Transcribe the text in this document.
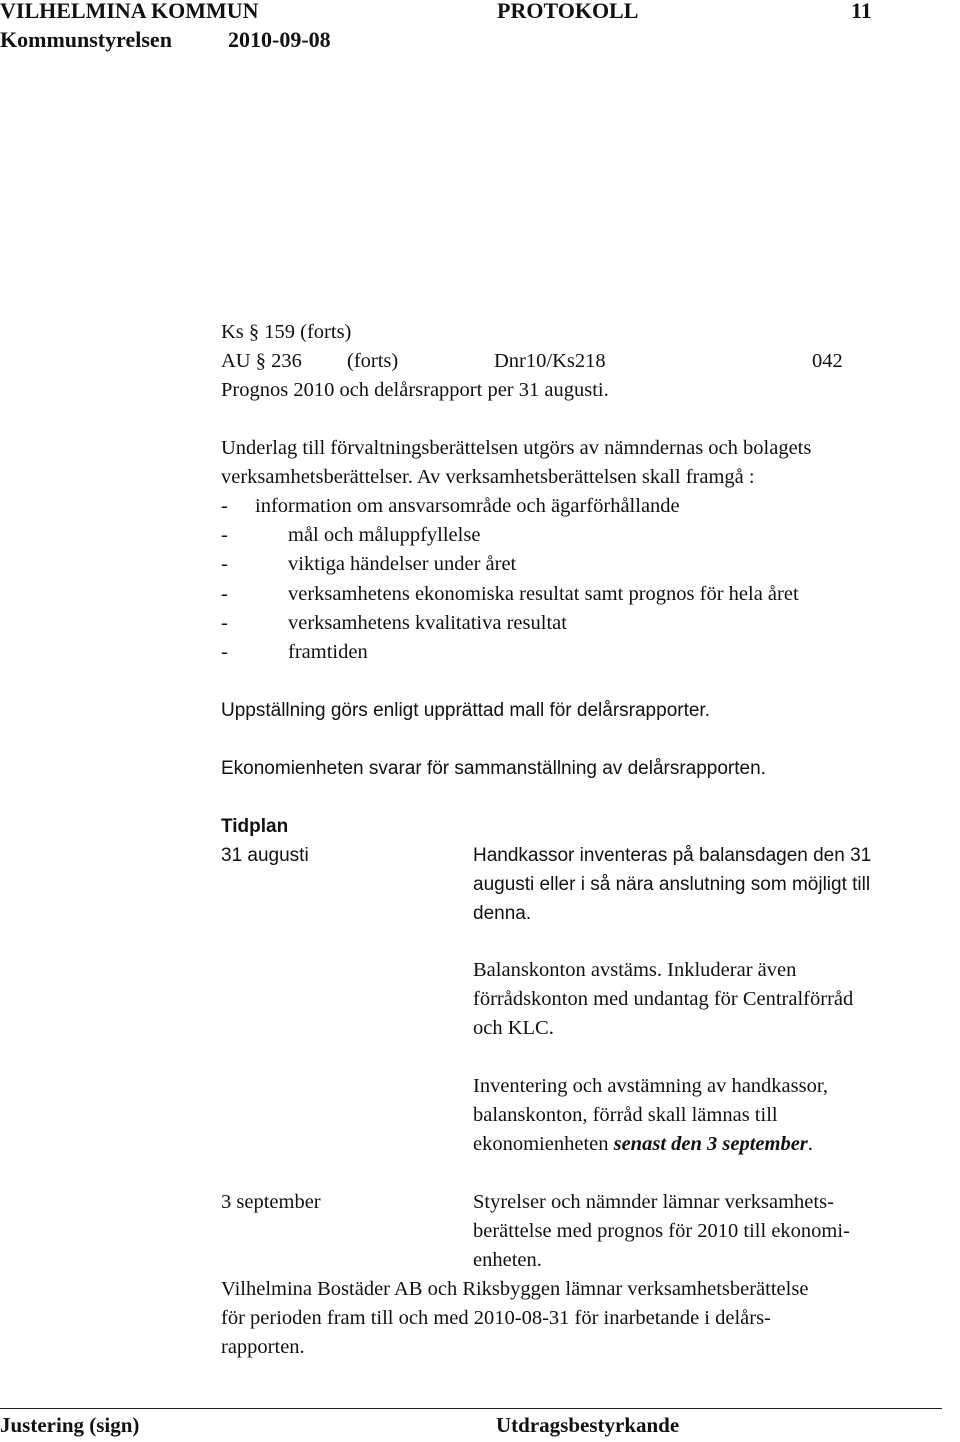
VILHELMINA KOMMUN	PROTOKOLL	11
Kommunstyrelsen	2010-09-08
Ks § 159 (forts)
AU § 236 (forts)	Dnr10/Ks218	042
Prognos 2010 och delårsrapport per 31 augusti.
Underlag till förvaltningsberättelsen utgörs av nämndernas och bolagets
verksamhetsberättelser. Av verksamhetsberättelsen skall framgå :
- information om ansvarsområde och ägarförhållande
-	mål och måluppfyllelse
-	viktiga händelser under året
-	verksamhetens ekonomiska resultat samt prognos för hela året
-	verksamhetens kvalitativa resultat
-	framtiden
Uppställning görs enligt upprättad mall för delårsrapporter.
Ekonomienheten svarar för sammanställning av delårsrapporten.
Tidplan
31 augusti	Handkassor inventeras på balansdagen den 31
augusti eller i så nära anslutning som möjligt till
denna.
Balanskonton avstäms. Inkluderar även
förrådskonton med undantag för Centralförråd
och KLC.
Inventering och avstämning av handkassor,
balanskonton, förråd skall lämnas till
ekonomienheten senast den 3 september.
3 september	Styrelser och nämnder lämnar verksamhets-
berättelse med prognos för 2010 till ekonomi-
enheten.
Vilhelmina Bostäder AB och Riksbyggen lämnar verksamhetsberättelse
för perioden fram till och med 2010-08-31 för inarbetande i delårs-
rapporten.
Justering (sign)	Utdragsbestyrkande
